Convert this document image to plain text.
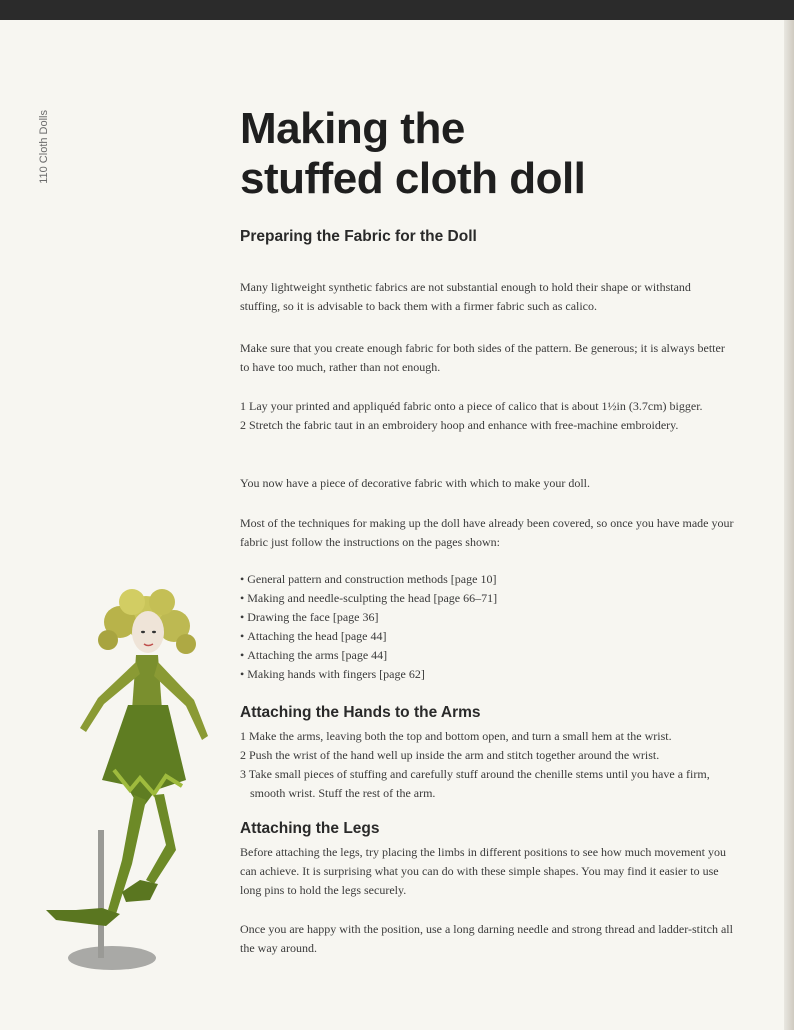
110 Cloth Dolls	Making the
stuffed cloth doll
Preparing the Fabric for the Doll

Many lightweight synthetic fabrics are not substantial enough to hold their shape or withstand stuffing, so it is advisable to back them with a firmer fabric such as calico.

Make sure that you create enough fabric for both sides of the pattern. Be generous; it is always better to have too much, rather than not enough.

1 Lay your printed and appliquéd fabric onto a piece of calico that is about 1½in (3.7cm) bigger.
2 Stretch the fabric taut in an embroidery hoop and enhance with free-machine embroidery.

You now have a piece of decorative fabric with which to make your doll.

Most of the techniques for making up the doll have already been covered, so once you have made your fabric just follow the instructions on the pages shown:

• General pattern and construction methods [page 10]
• Making and needle-sculpting the head [page 66–71]
• Drawing the face [page 36]
• Attaching the head [page 44]
• Attaching the arms [page 44]
• Making hands with fingers [page 62]
Attaching the Hands to the Arms
1 Make the arms, leaving both the top and bottom open, and turn a small hem at the wrist.
2 Push the wrist of the hand well up inside the arm and stitch together around the wrist.
3 Take small pieces of stuffing and carefully stuff around the chenille stems until you have a firm, smooth wrist. Stuff the rest of the arm.
Attaching the Legs

Before attaching the legs, try placing the limbs in different positions to see how much movement you can achieve. It is surprising what you can do with these simple shapes. You may find it easier to use long pins to hold the legs securely.

Once you are happy with the position, use a long darning needle and strong thread and ladder-stitch all the way around.
